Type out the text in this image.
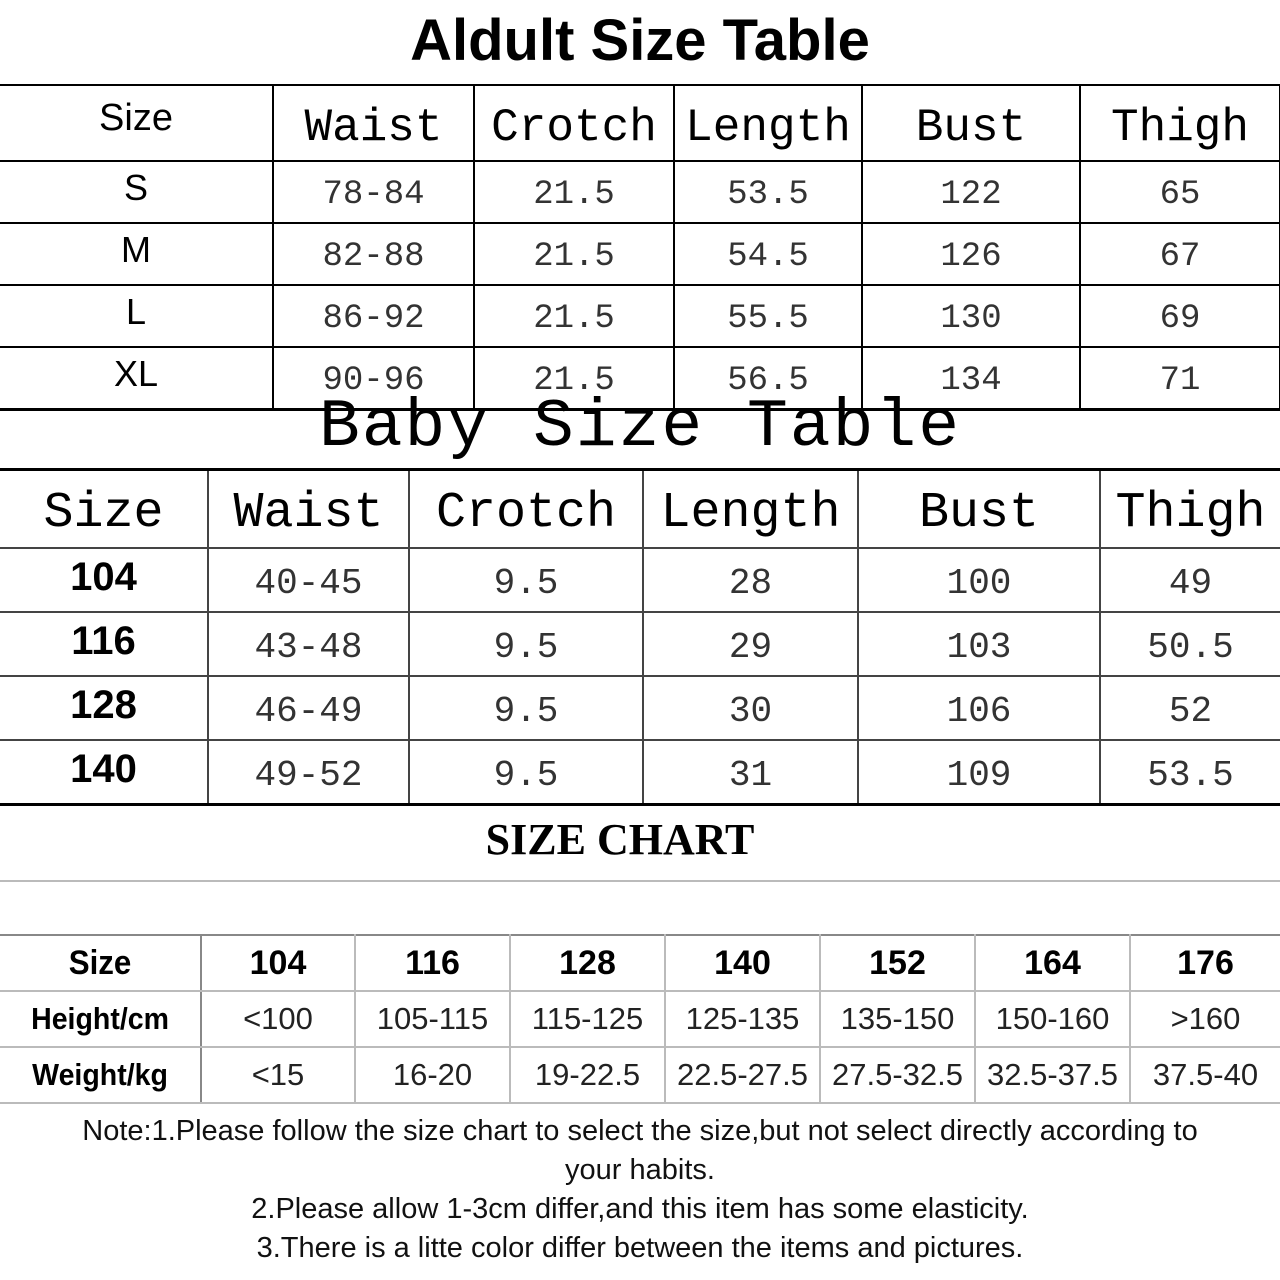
Aldult Size Table
Size	Waist	Crotch	Length	Bust	Thigh
S	78-84	21.5	53.5	122	65
M	82-88	21.5	54.5	126	67
L	86-92	21.5	55.5	130	69
XL	90-96	21.5	56.5	134	71
Baby Size Table
Size	Waist	Crotch	Length	Bust	Thigh
104	40-45	9.5	28	100	49
116	43-48	9.5	29	103	50.5
128	46-49	9.5	30	106	52
140	49-52	9.5	31	109	53.5
SIZE CHART
Size	104	116	128	140	152	164	176
Height/cm	<100	105-115	115-125	125-135	135-150	150-160	>160
Weight/kg	<15	16-20	19-22.5	22.5-27.5	27.5-32.5	32.5-37.5	37.5-40
Note:1.Please follow the size chart to select the size,but not select directly according to
your habits.
2.Please allow 1-3cm differ,and this item has some elasticity.
3.There is a litte color differ between the items and pictures.
